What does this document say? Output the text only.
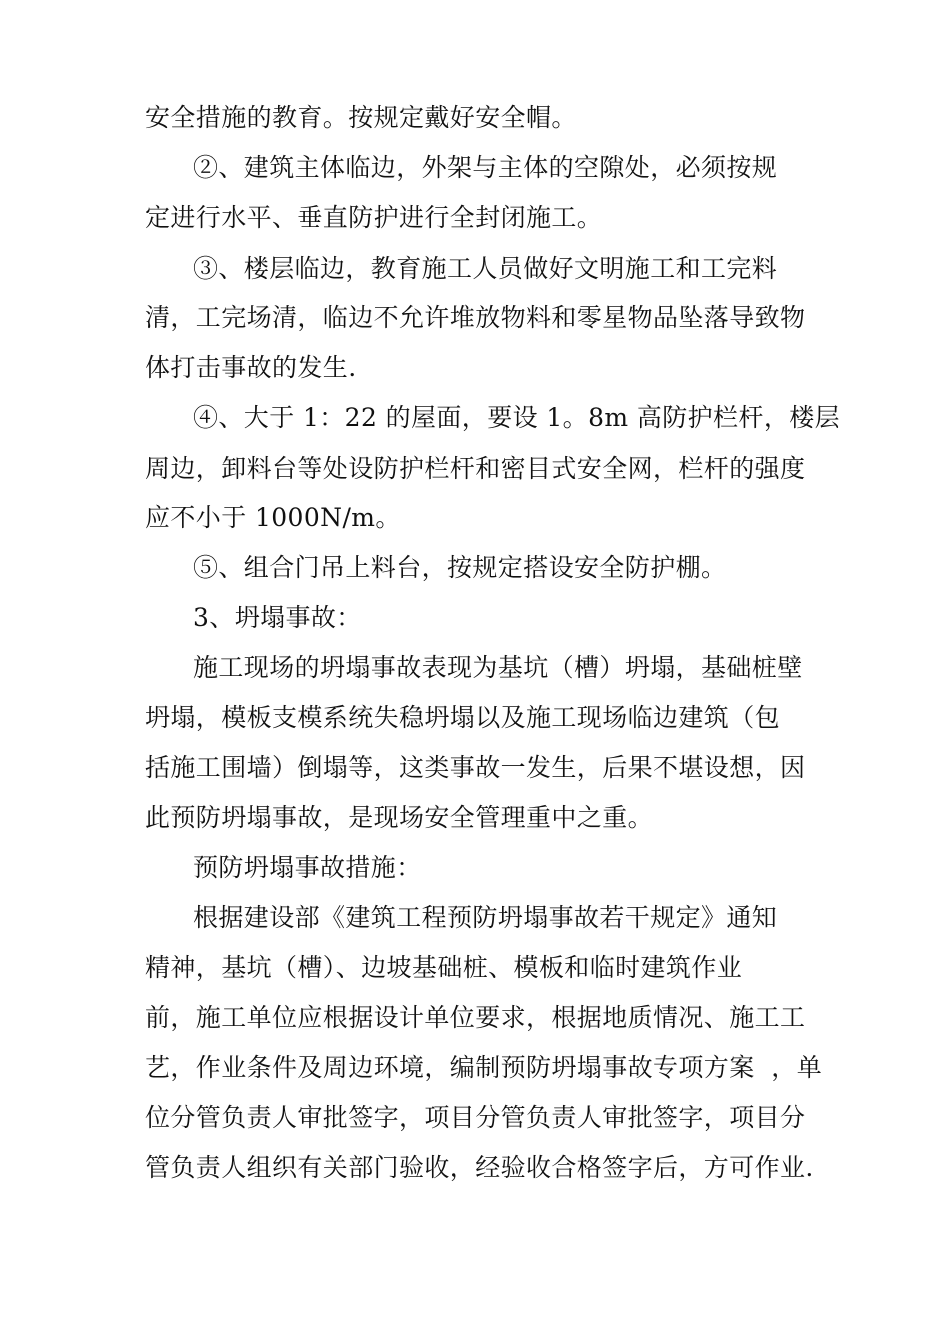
安全措施的教育。按规定戴好安全帽。
②、建筑主体临边，外架与主体的空隙处，必须按规
定进行水平、垂直防护进行全封闭施工。
③、楼层临边，教育施工人员做好文明施工和工完料
清，工完场清，临边不允许堆放物料和零星物品坠落导致物
体打击事故的发生.
④、大于 1：22 的屋面，要设 1。8m 高防护栏杆，楼层
周边，卸料台等处设防护栏杆和密目式安全网，栏杆的强度
应不小于 1000N/m。
⑤、组合门吊上料台，按规定搭设安全防护棚。
3、坍塌事故：
施工现场的坍塌事故表现为基坑（槽）坍塌，基础桩壁
坍塌，模板支模系统失稳坍塌以及施工现场临边建筑（包
括施工围墙）倒塌等，这类事故一发生，后果不堪设想，因
此预防坍塌事故，是现场安全管理重中之重。
预防坍塌事故措施：
根据建设部《建筑工程预防坍塌事故若干规定》通知
精神，基坑（槽）、边坡基础桩、模板和临时建筑作业
前，施工单位应根据设计单位要求，根据地质情况、施工工
艺，作业条件及周边环境，编制预防坍塌事故专项方案  ，单
位分管负责人审批签字，项目分管负责人审批签字，项目分
管负责人组织有关部门验收，经验收合格签字后，方可作业.
